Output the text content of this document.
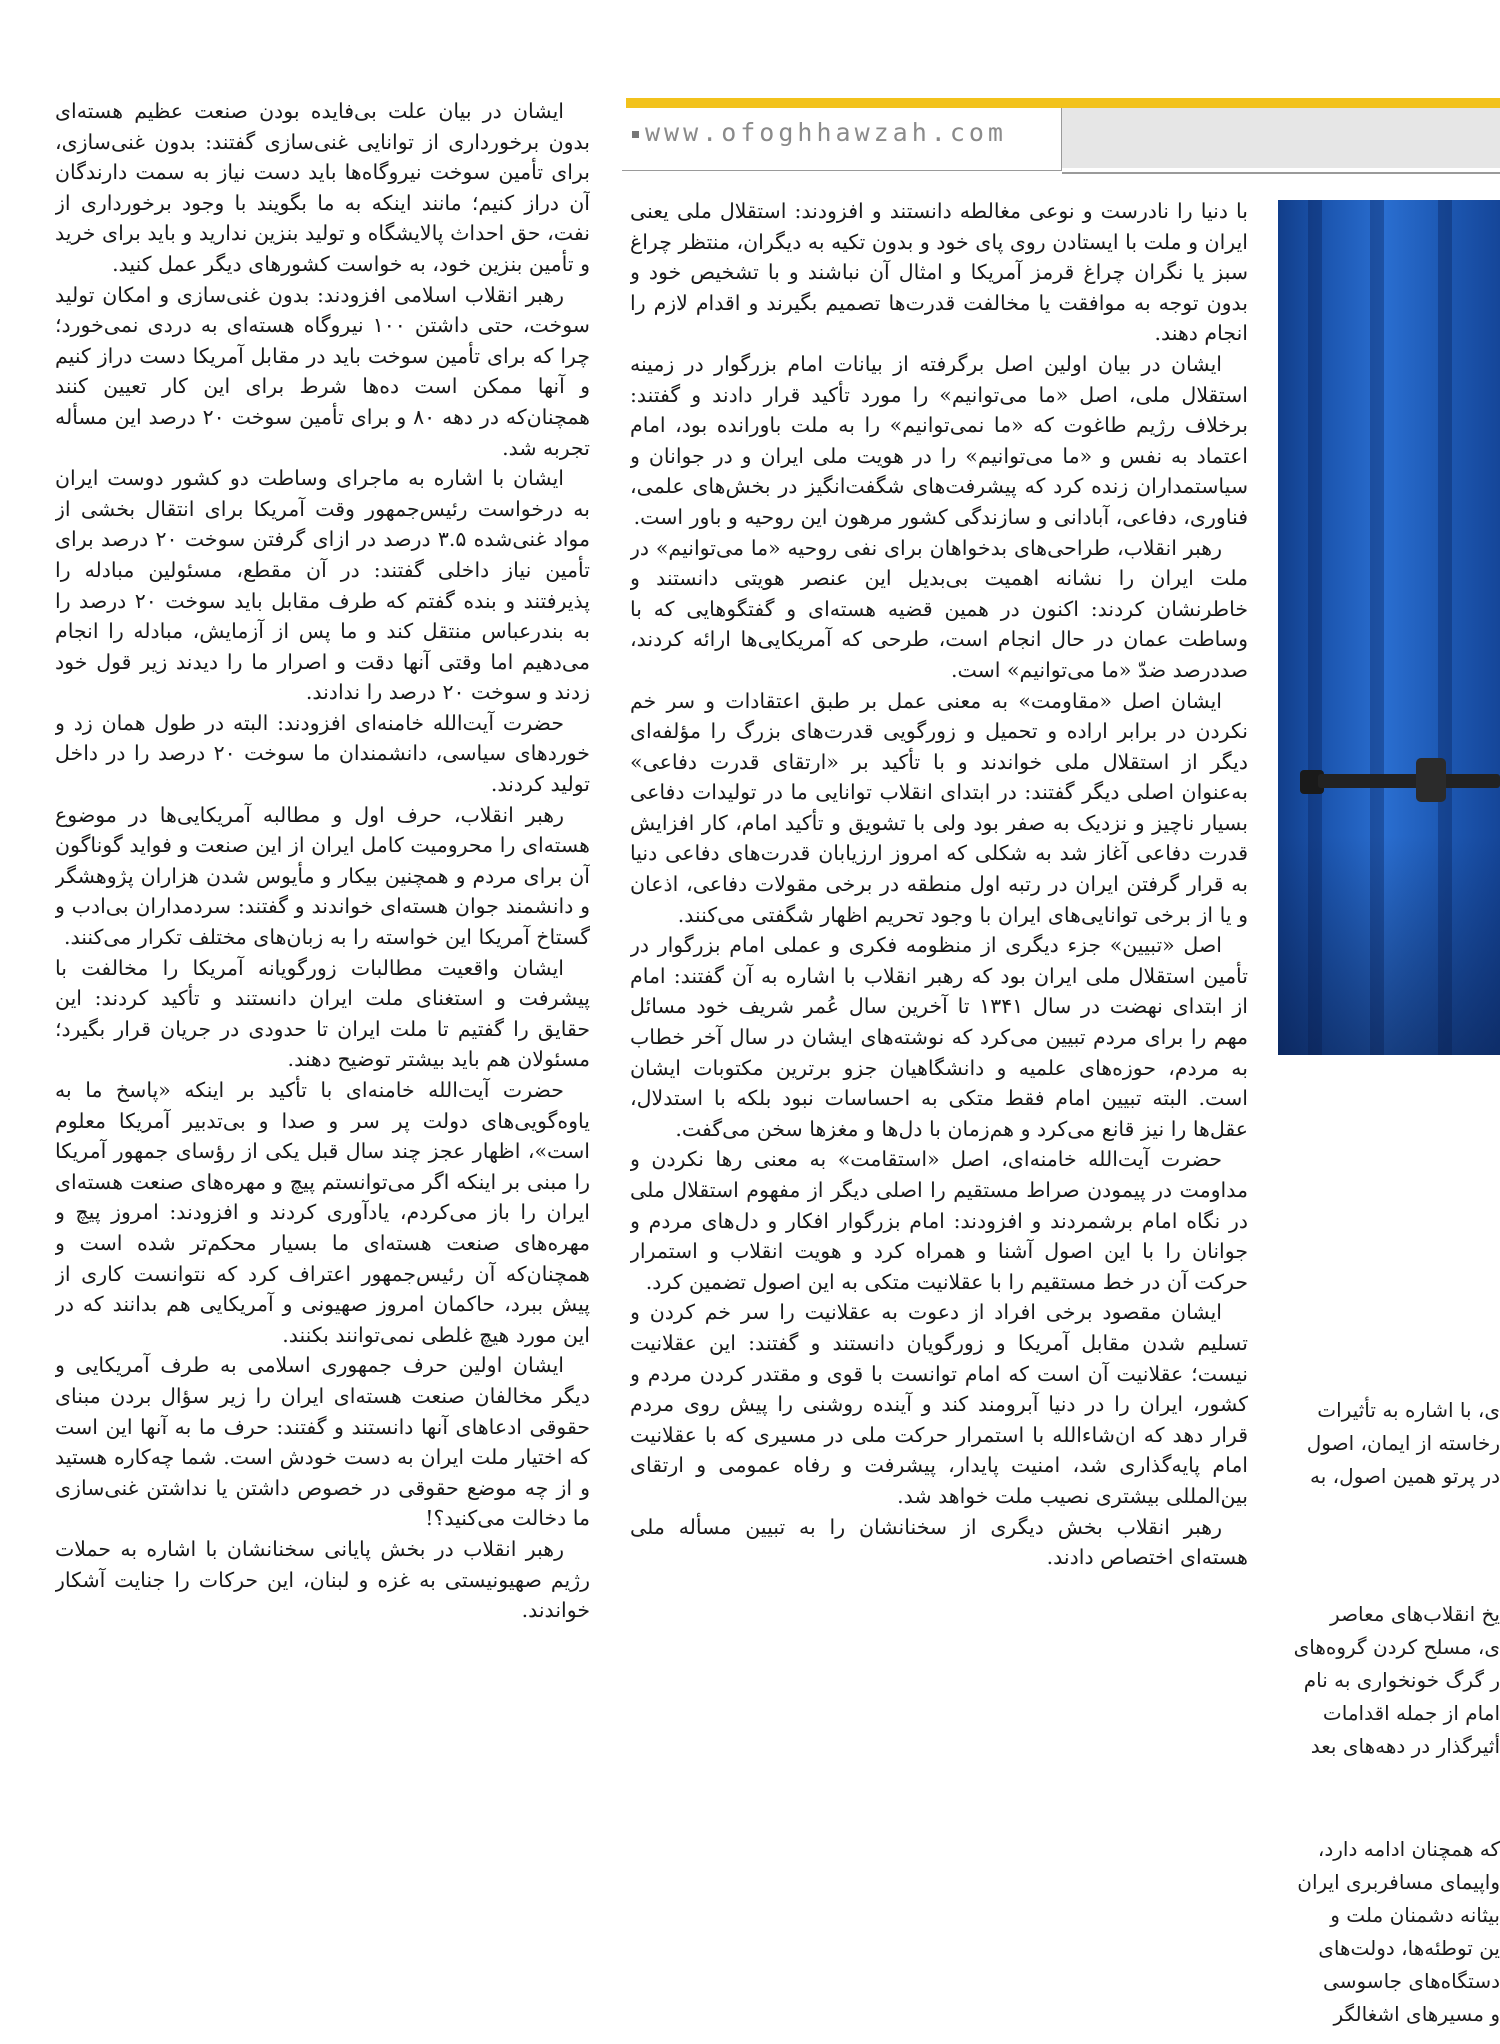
www.ofoghhawzah.com

ایشان در بیان علت بی‌فایده بودن صنعت عظیم هسته‌ای بدون برخورداری از توانایی غنی‌سازی گفتند: بدون غنی‌سازی، برای تأمین سوخت نیروگاه‌ها باید دست نیاز به سمت دارندگان آن دراز کنیم؛ مانند اینکه به ما بگویند با وجود برخورداری از نفت، حق احداث پالایشگاه و تولید بنزین ندارید و باید برای خرید و تأمین بنزین خود، به خواست کشورهای دیگر عمل کنید.

رهبر انقلاب اسلامی افزودند: بدون غنی‌سازی و امکان تولید سوخت، حتی داشتن ۱۰۰ نیروگاه هسته‌ای به دردی نمی‌خورد؛ چرا که برای تأمین سوخت باید در مقابل آمریکا دست دراز کنیم و آنها ممکن است ده‌ها شرط برای این کار تعیین کنند همچنان‌که در دهه ۸۰ و برای تأمین سوخت ۲۰ درصد این مسأله تجربه شد.

ایشان با اشاره به ماجرای وساطت دو کشور دوست ایران به درخواست رئیس‌جمهور وقت آمریکا برای انتقال بخشی از مواد غنی‌شده ۳.۵ درصد در ازای گرفتن سوخت ۲۰ درصد برای تأمین نیاز داخلی گفتند: در آن مقطع، مسئولین مبادله را پذیرفتند و بنده گفتم که طرف مقابل باید سوخت ۲۰ درصد را به بندرعباس منتقل کند و ما پس از آزمایش، مبادله را انجام می‌دهیم اما وقتی آنها دقت و اصرار ما را دیدند زیر قول خود زدند و سوخت ۲۰ درصد را ندادند.

حضرت آیت‌الله خامنه‌ای افزودند: البته در طول همان زد و خوردهای سیاسی، دانشمندان ما سوخت ۲۰ درصد را در داخل تولید کردند.

رهبر انقلاب، حرف اول و مطالبه آمریکایی‌ها در موضوع هسته‌ای را محرومیت کامل ایران از این صنعت و فواید گوناگون آن برای مردم و همچنین بیکار و مأیوس شدن هزاران پژوهشگر و دانشمند جوان هسته‌ای خواندند و گفتند: سردمداران بی‌ادب و گستاخ آمریکا این خواسته را به زبان‌های مختلف تکرار می‌کنند.

ایشان واقعیت مطالبات زورگویانه آمریکا را مخالفت با پیشرفت و استغنای ملت ایران دانستند و تأکید کردند: این حقایق را گفتیم تا ملت ایران تا حدودی در جریان قرار بگیرد؛ مسئولان هم باید بیشتر توضیح دهند.

حضرت آیت‌الله خامنه‌ای با تأکید بر اینکه «پاسخ ما به یاوه‌گویی‌های دولت پر سر و صدا و بی‌تدبیر آمریکا معلوم است»، اظهار عجز چند سال قبل یکی از رؤسای جمهور آمریکا را مبنی بر اینکه اگر می‌توانستم پیچ و مهره‌های صنعت هسته‌ای ایران را باز می‌کردم، یادآوری کردند و افزودند: امروز پیچ و مهره‌های صنعت هسته‌ای ما بسیار محکم‌تر شده است و همچنان‌که آن رئیس‌جمهور اعتراف کرد که نتوانست کاری از پیش ببرد، حاکمان امروز صهیونی و آمریکایی هم بدانند که در این مورد هیچ غلطی نمی‌توانند بکنند.

ایشان اولین حرف جمهوری اسلامی به طرف آمریکایی و دیگر مخالفان صنعت هسته‌ای ایران را زیر سؤال بردن مبنای حقوقی ادعاهای آنها دانستند و گفتند: حرف ما به آنها این است که اختیار ملت ایران به دست خودش است. شما چه‌کاره هستید و از چه موضع حقوقی در خصوص داشتن یا نداشتن غنی‌سازی ما دخالت می‌کنید؟!

رهبر انقلاب در بخش پایانی سخنانشان با اشاره به حملات رژیم صهیونیستی به غزه و لبنان، این حرکات را جنایت آشکار خواندند.

با دنیا را نادرست و نوعی مغالطه دانستند و افزودند: استقلال ملی یعنی ایران و ملت با ایستادن روی پای خود و بدون تکیه به دیگران، منتظر چراغ سبز یا نگران چراغ قرمز آمریکا و امثال آن نباشند و با تشخیص خود و بدون توجه به موافقت یا مخالفت قدرت‌ها تصمیم بگیرند و اقدام لازم را انجام دهند.

ایشان در بیان اولین اصل برگرفته از بیانات امام بزرگوار در زمینه استقلال ملی، اصل «ما می‌توانیم» را مورد تأکید قرار دادند و گفتند: برخلاف رژیم طاغوت که «ما نمی‌توانیم» را به ملت باورانده بود، امام اعتماد به نفس و «ما می‌توانیم» را در هویت ملی ایران و در جوانان و سیاستمداران زنده کرد که پیشرفت‌های شگفت‌انگیز در بخش‌های علمی، فناوری، دفاعی، آبادانی و سازندگی کشور مرهون این روحیه و باور است.

رهبر انقلاب، طراحی‌های بدخواهان برای نفی روحیه «ما می‌توانیم» در ملت ایران را نشانه اهمیت بی‌بدیل این عنصر هویتی دانستند و خاطرنشان کردند: اکنون در همین قضیه هسته‌ای و گفتگوهایی که با وساطت عمان در حال انجام است، طرحی که آمریکایی‌ها ارائه کردند، صددرصد ضدّ «ما می‌توانیم» است.

ایشان اصل «مقاومت» به معنی عمل بر طبق اعتقادات و سر خم نکردن در برابر اراده و تحمیل و زورگویی قدرت‌های بزرگ را مؤلفه‌ای دیگر از استقلال ملی خواندند و با تأکید بر «ارتقای قدرت دفاعی» به‌عنوان اصلی دیگر گفتند: در ابتدای انقلاب توانایی ما در تولیدات دفاعی بسیار ناچیز و نزدیک به صفر بود ولی با تشویق و تأکید امام، کار افزایش قدرت دفاعی آغاز شد به شکلی که امروز ارزیابان قدرت‌های دفاعی دنیا به قرار گرفتن ایران در رتبه اول منطقه در برخی مقولات دفاعی، اذعان و یا از برخی توانایی‌های ایران با وجود تحریم اظهار شگفتی می‌کنند.

اصل «تبیین» جزء دیگری از منظومه فکری و عملی امام بزرگوار در تأمین استقلال ملی ایران بود که رهبر انقلاب با اشاره به آن گفتند: امام از ابتدای نهضت در سال ۱۳۴۱ تا آخرین سال عُمر شریف خود مسائل مهم را برای مردم تبیین می‌کرد که نوشته‌های ایشان در سال آخر خطاب به مردم، حوزه‌های علمیه و دانشگاهیان جزو برترین مکتوبات ایشان است. البته تبیین امام فقط متکی به احساسات نبود بلکه با استدلال، عقل‌ها را نیز قانع می‌کرد و هم‌زمان با دل‌ها و مغزها سخن می‌گفت.

حضرت آیت‌الله خامنه‌ای، اصل «استقامت» به معنی رها نکردن و مداومت در پیمودن صراط مستقیم را اصلی دیگر از مفهوم استقلال ملی در نگاه امام برشمردند و افزودند: امام بزرگوار افکار و دل‌های مردم و جوانان را با این اصول آشنا و همراه کرد و هویت انقلاب و استمرار حرکت آن در خط مستقیم را با عقلانیت متکی به این اصول تضمین کرد.

ایشان مقصود برخی افراد از دعوت به عقلانیت را سر خم کردن و تسلیم شدن مقابل آمریکا و زورگویان دانستند و گفتند: این عقلانیت نیست؛ عقلانیت آن است که امام توانست با قوی و مقتدر کردن مردم و کشور، ایران را در دنیا آبرومند کند و آینده روشنی را پیش روی مردم قرار دهد که ان‌شاءالله با استمرار حرکت ملی در مسیری که با عقلانیت امام پایه‌گذاری شد، امنیت پایدار، پیشرفت و رفاه عمومی و ارتقای بین‌المللی بیشتری نصیب ملت خواهد شد.

رهبر انقلاب بخش دیگری از سخنانشان را به تبیین مسأله ملی هسته‌ای اختصاص دادند.

ی، با اشاره به تأثیرات
رخاسته از ایمان، اصول
در پرتو همین اصول، به
یخ انقلاب‌های معاصر
ی، مسلح کردن گروه‌های
ر گرگ خونخواری به نام
امام از جمله اقدامات
أثیرگذار در دهه‌های بعد
که همچنان ادامه دارد،
واپیمای مسافربری ایران
بیثانه دشمنان ملت و
ین توطئه‌ها، دولت‌های
دستگاه‌های جاسوسی
و مسیرهای اشغالگر
